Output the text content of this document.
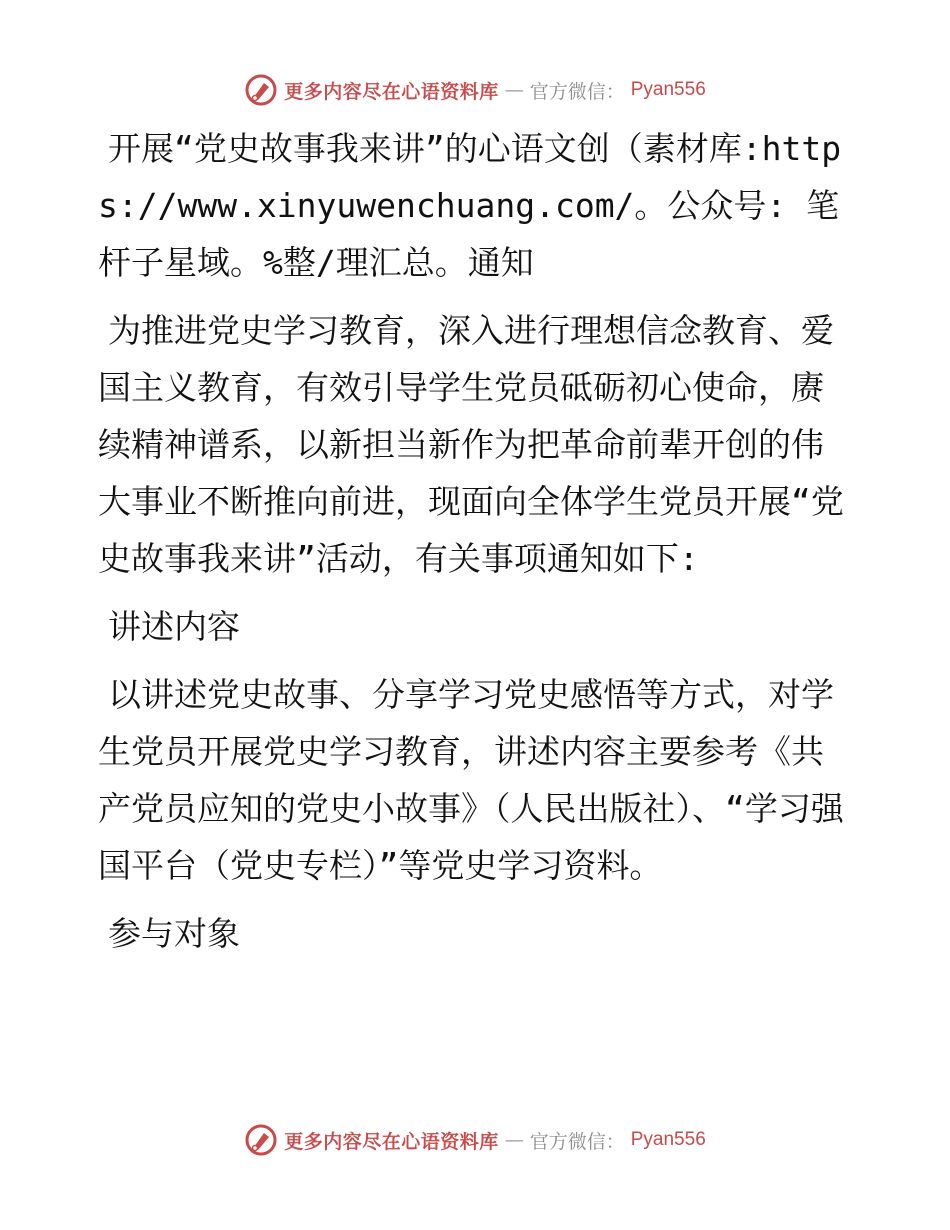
更多内容尽在心语资料库 — 官方微信： Pyan556

开展“党史故事我来讲”的心语文创（素材库:https://www.xinyuwenchuang.com/。公众号: 笔杆子星域。%整/理汇总。通知

为推进党史学习教育，深入进行理想信念教育、爱国主义教育，有效引导学生党员砥砺初心使命，赓续精神谱系，以新担当新作为把革命前辈开创的伟大事业不断推向前进，现面向全体学生党员开展“党史故事我来讲”活动，有关事项通知如下:

讲述内容

以讲述党史故事、分享学习党史感悟等方式，对学生党员开展党史学习教育，讲述内容主要参考《共产党员应知的党史小故事》（人民出版社）、“学习强国平台（党史专栏）”等党史学习资料。

参与对象

更多内容尽在心语资料库 — 官方微信： Pyan556
